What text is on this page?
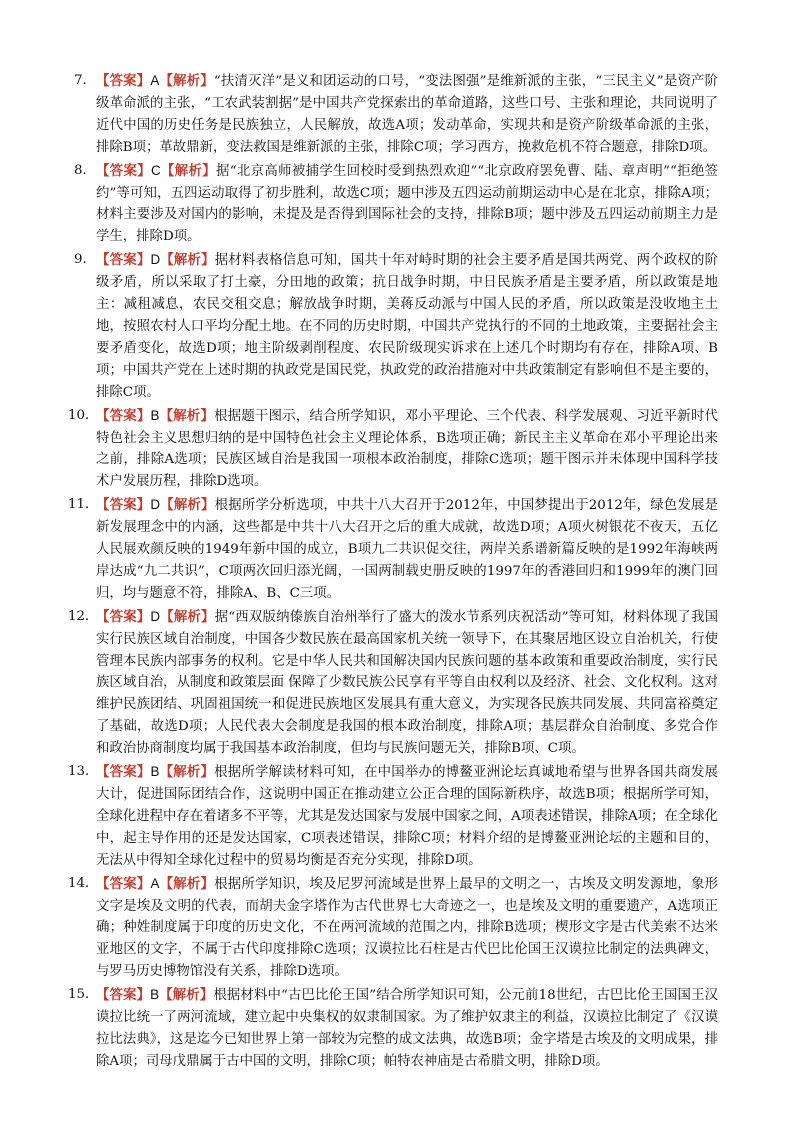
7． 【答案】A【解析】“扶清灭洋”是义和团运动的口号，“变法图强”是维新派的主张，“三民主义”是资产阶级革命派的主张，“工农武装割据”是中国共产党探索出的革命道路，这些口号、主张和理论，共同说明了近代中国的历史任务是民族独立，人民解放，故选A项；发动革命，实现共和是资产阶级革命派的主张，排除B项；革故鼎新，变法救国是维新派的主张，排除C项；学习西方，挽救危机不符合题意，排除D项。
8． 【答案】C【解析】据“北京高师被捕学生回校时受到热烈欢迎”“北京政府罢免曹、陆、章声明”“拒绝签约”等可知，五四运动取得了初步胜利，故选C项；题中涉及五四运动前期运动中心是在北京，排除A项；材料主要涉及对国内的影响，未提及是否得到国际社会的支持，排除B项；题中涉及五四运动前期主力是学生，排除D项。
9． 【答案】D【解析】据材料表格信息可知，国共十年对峙时期的社会主要矛盾是国共两党、两个政权的阶级矛盾，所以采取了打土豪，分田地的政策；抗日战争时期，中日民族矛盾是主要矛盾，所以政策是地主：减租减息，农民交租交息；解放战争时期，美蒋反动派与中国人民的矛盾，所以政策是没收地主土地，按照农村人口平均分配土地。在不同的历史时期，中国共产党执行的不同的土地政策，主要据社会主要矛盾变化，故选D项；地主阶级剥削程度、农民阶级现实诉求在上述几个时期均有存在，排除A项、B项；中国共产党在上述时期的执政党是国民党，执政党的政治措施对中共政策制定有影响但不是主要的，排除C项。
10．
【答案】B【解析】根据题干图示，结合所学知识，邓小平理论、三个代表、科学发展观、习近平新时代特色社会主义思想归纳的是中国特色社会主义理论体系，B选项正确；新民主主义革命在邓小平理论出来之前，排除A选项；民族区域自治是我国一项根本政治制度，排除C选项；题干图示并未体现中国科学技术户发展历程，排除D选项。
11．
【答案】D【解析】根据所学分析选项，中共十八大召开于2012年，中国梦提出于2012年，绿色发展是新发展理念中的内涵，这些都是中共十八大召开之后的重大成就，故选D项；A项火树银花不夜天，五亿人民展欢颜反映的1949年新中国的成立，B项九二共识促交往，两岸关系谱新篇反映的是1992年海峡两岸达成“九二共识”，C项两次回归添光阔，一国两制载史册反映的1997年的香港回归和1999年的澳门回归，均与题意不符，排除A、B、C三项。
12．
【答案】D【解析】据“西双版纳傣族自治州举行了盛大的泼水节系列庆祝活动”等可知，材料体现了我国实行民族区域自治制度，中国各少数民族在最高国家机关统一领导下，在其聚居地区设立自治机关，行使管理本民族内部事务的权利。它是中华人民共和国解决国内民族问题的基本政策和重要政治制度，实行民族区域自治，从制度和政策层面 保障了少数民族公民享有平等自由权利以及经济、社会、文化权利。这对维护民族团结、巩固祖国统一和促进民族地区发展具有重大意义，为实现各民族共同发展、共同富裕奠定了基础，故选D项；人民代表大会制度是我国的根本政治制度，排除A项；基层群众自治制度、多党合作和政治协商制度均属于我国基本政治制度，但均与民族问题无关，排除B项、C项。
13．
【答案】B【解析】根据所学解读材料可知，在中国举办的博鳌亚洲论坛真诚地希望与世界各国共商发展大计，促进国际团结合作，这说明中国正在推动建立公正合理的国际新秩序，故选B项；根据所学可知，全球化进程中存在着诸多不平等，尤其是发达国家与发展中国家之间，A项表述错误，排除A项；在全球化中，起主导作用的还是发达国家，C项表述错误，排除C项；材料介绍的是博鳌亚洲论坛的主题和目的，无法从中得知全球化过程中的贸易均衡是否充分实现，排除D项。
14．
【答案】A【解析】根据所学知识，埃及尼罗河流域是世界上最早的文明之一，古埃及文明发源地，象形文字是埃及文明的代表，而胡夫金字塔作为古代世界七大奇迹之一，也是埃及文明的重要遗产，A选项正确；种姓制度属于印度的历史文化，不在两河流域的范围之内，排除B选项；楔形文字是古代美索不达米亚地区的文字，不属于古代印度排除C选项；汉谟拉比石柱是古代巴比伦国王汉谟拉比制定的法典碑文，与罗马历史博物馆没有关系，排除D选项。
15．
【答案】B【解析】根据材料中“古巴比伦王国”结合所学知识可知，公元前18世纪，古巴比伦王国国王汉谟拉比统一了两河流域，建立起中央集权的奴隶制国家。为了维护奴隶主的利益，汉谟拉比制定了《汉谟拉比法典》，这是迄今已知世界上第一部较为完整的成文法典，故选B项；金字塔是古埃及的文明成果，排除A项；司母戊鼎属于古中国的文明，排除C项；帕特农神庙是古希腊文明，排除D项。
